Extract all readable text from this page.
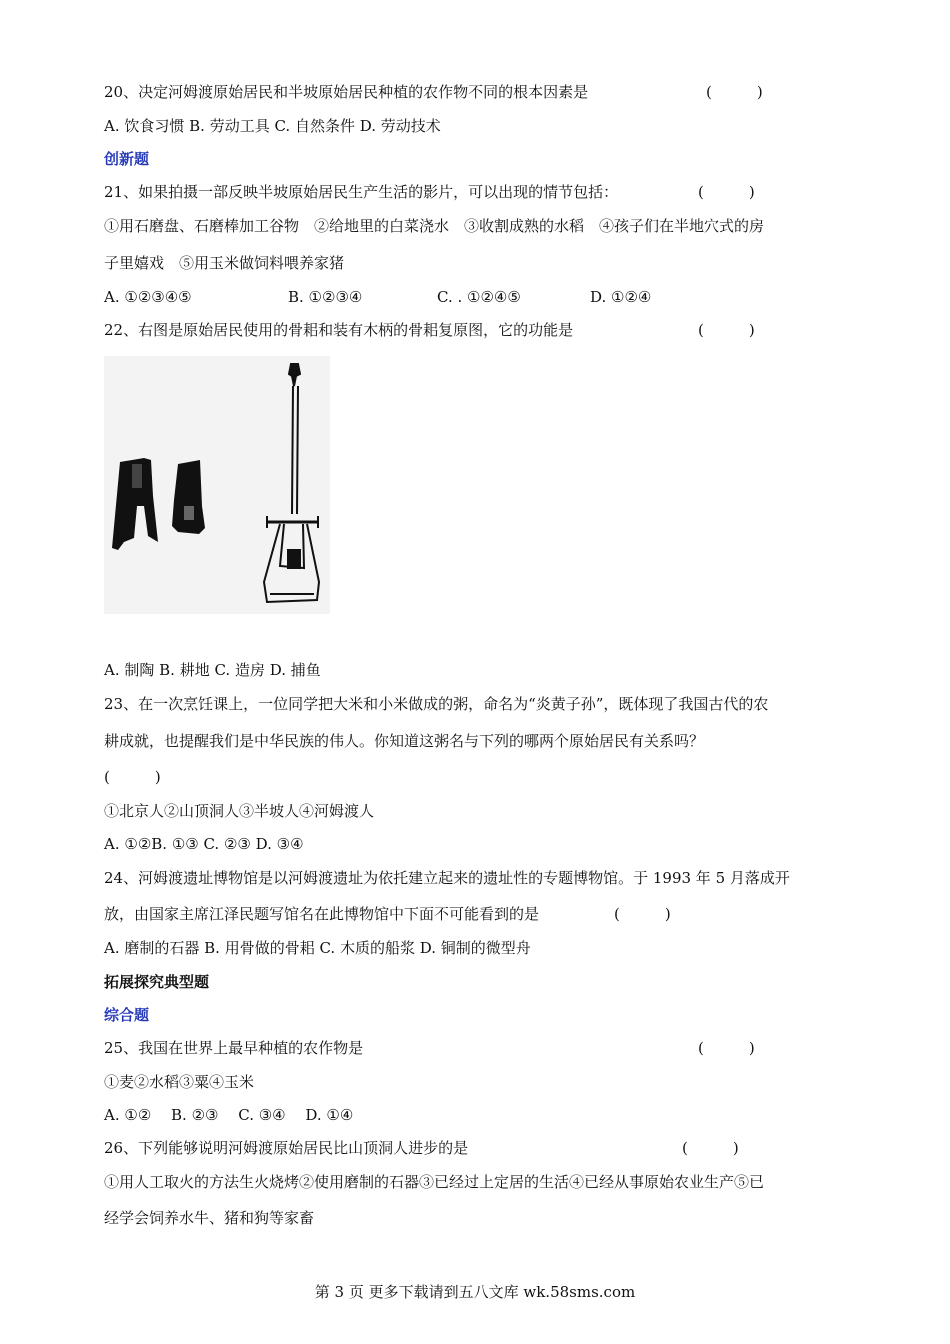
20、决定河姆渡原始居民和半坡原始居民种植的农作物不同的根本因素是	(　　　)
A. 饮食习惯 B. 劳动工具 C. 自然条件 D. 劳动技术
创新题
21、如果拍摄一部反映半坡原始居民生产生活的影片，可以出现的情节包括：	(　　　)
①用石磨盘、石磨棒加工谷物　②给地里的白菜浇水　③收割成熟的水稻　④孩子们在半地穴式的房
子里嬉戏　⑤用玉米做饲料喂养家猪
A. ①②③④⑤	B. ①②③④	C. . ①②④⑤	D. ①②④
22、右图是原始居民使用的骨耜和装有木柄的骨耜复原图，它的功能是	(　　　)
A. 制陶 B. 耕地 C. 造房 D. 捕鱼
23、在一次烹饪课上，一位同学把大米和小米做成的粥，命名为“炎黄子孙”，既体现了我国古代的农
耕成就，也提醒我们是中华民族的伟人。你知道这粥名与下列的哪两个原始居民有关系吗？
(　　　)
①北京人②山顶洞人③半坡人④河姆渡人
A. ①②B. ①③ C. ②③ D. ③④
24、河姆渡遗址博物馆是以河姆渡遗址为依托建立起来的遗址性的专题博物馆。于 1993 年 5 月落成开
放，由国家主席江泽民题写馆名在此博物馆中下面不可能看到的是	(　　　)
A. 磨制的石器 B. 用骨做的骨耜 C. 木质的船浆 D. 铜制的微型舟
拓展探究典型题
综合题
25、我国在世界上最早种植的农作物是	(　　　)
①麦②水稻③粟④玉米
A. ①②　 B. ②③　 C. ③④　 D. ①④
26、下列能够说明河姆渡原始居民比山顶洞人进步的是	(　　　)
①用人工取火的方法生火烧烤②使用磨制的石器③已经过上定居的生活④已经从事原始农业生产⑤已
经学会饲养水牛、猪和狗等家畜
第 3 页 更多下载请到五八文库 wk.58sms.com
